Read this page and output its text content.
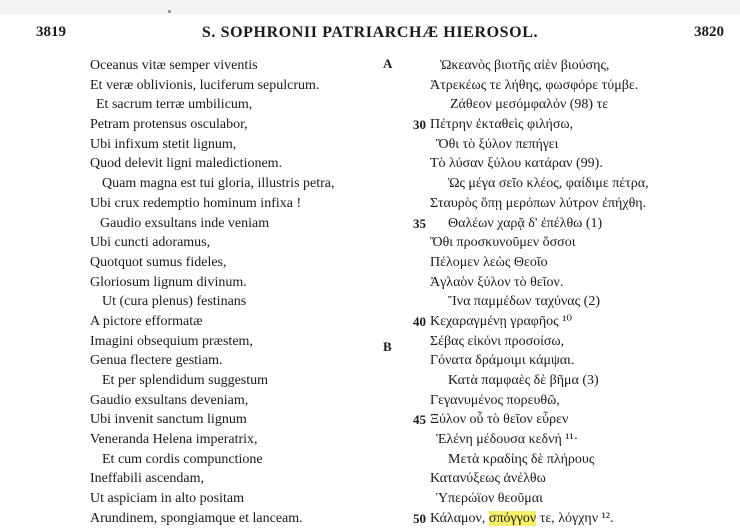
3819	S. SOPHRONII PATRIARCHÆ HIEROSOL.	3820
A
B
Oceanus vitæ semper viventis
Et veræ oblivionis, luciferum sepulcrum.
Et sacrum terræ umbilicum,
Petram protensus osculabor,
Ubi infixum stetit lignum,
Quod delevit ligni maledictionem.
Quam magna est tui gloria, illustris petra,
Ubi crux redemptio hominum infixa !
Gaudio exsultans inde veniam
Ubi cuncti adoramus,
Quotquot sumus fideles,
Gloriosum lignum divinum.
Ut (cura plenus) festinans
A pictore efformatæ
Imagini obsequium præstem,
Genua flectere gestiam.
Et per splendidum suggestum
Gaudio exsultans deveniam,
Ubi invenit sanctum lignum
Veneranda Helena imperatrix,
Et cum cordis compunctione
Ineffabili ascendam,
Ut aspiciam in alto positam
Arundinem, spongiamque et lanceam.
Ὠκεανὸς βιοτῆς αἰὲν βιούσης,
Ἀτρεκέως τε λήθης, φωσφόρε τύμβε.
Ζάθεον μεσόμφαλόν (98) τε
30 Πέτρην ἐκταθεὶς φιλήσω,
Ὅθι τὸ ξύλον πεπήγει
Τὸ λύσαν ξύλου κατάραν (99).
Ὡς μέγα σεῖο κλέος, φαίδιμε πέτρα,
Σταυρὸς ὅπῃ μερόπων λύτρον ἐπήχθη.
35 Θαλέων χαρᾷ δ' ἐπέλθω (1)
Ὅθι προσκυνοῦμεν ὅσσοι
Πέλομεν λεὼς Θεοῖο
Ἀγλαὸν ξύλον τὸ θεῖον.
Ἵνα παμμέδων ταχύνας (2)
40 Κεχαραγμένῃ γραφῆος ¹⁰
Σέβας εἰκόνι προσοίσω,
Γόνατα δράμοιμι κάμψαι.
Κατὰ παμφαὲς δὲ βῆμα (3)
Γεγανυμένος πορευθῶ,
45 Ξύλον οὗ τὸ θεῖον εὗρεν
Ἑλένη μέδουσα κεδνή ¹¹·
Μετὰ κραδίης δὲ πλήρους
Κατανύξεως ἀνέλθω
Ὑπερώϊον θεοῦμαι
50 Κάλαμον, σπόγγον τε, λόγχην ¹².
